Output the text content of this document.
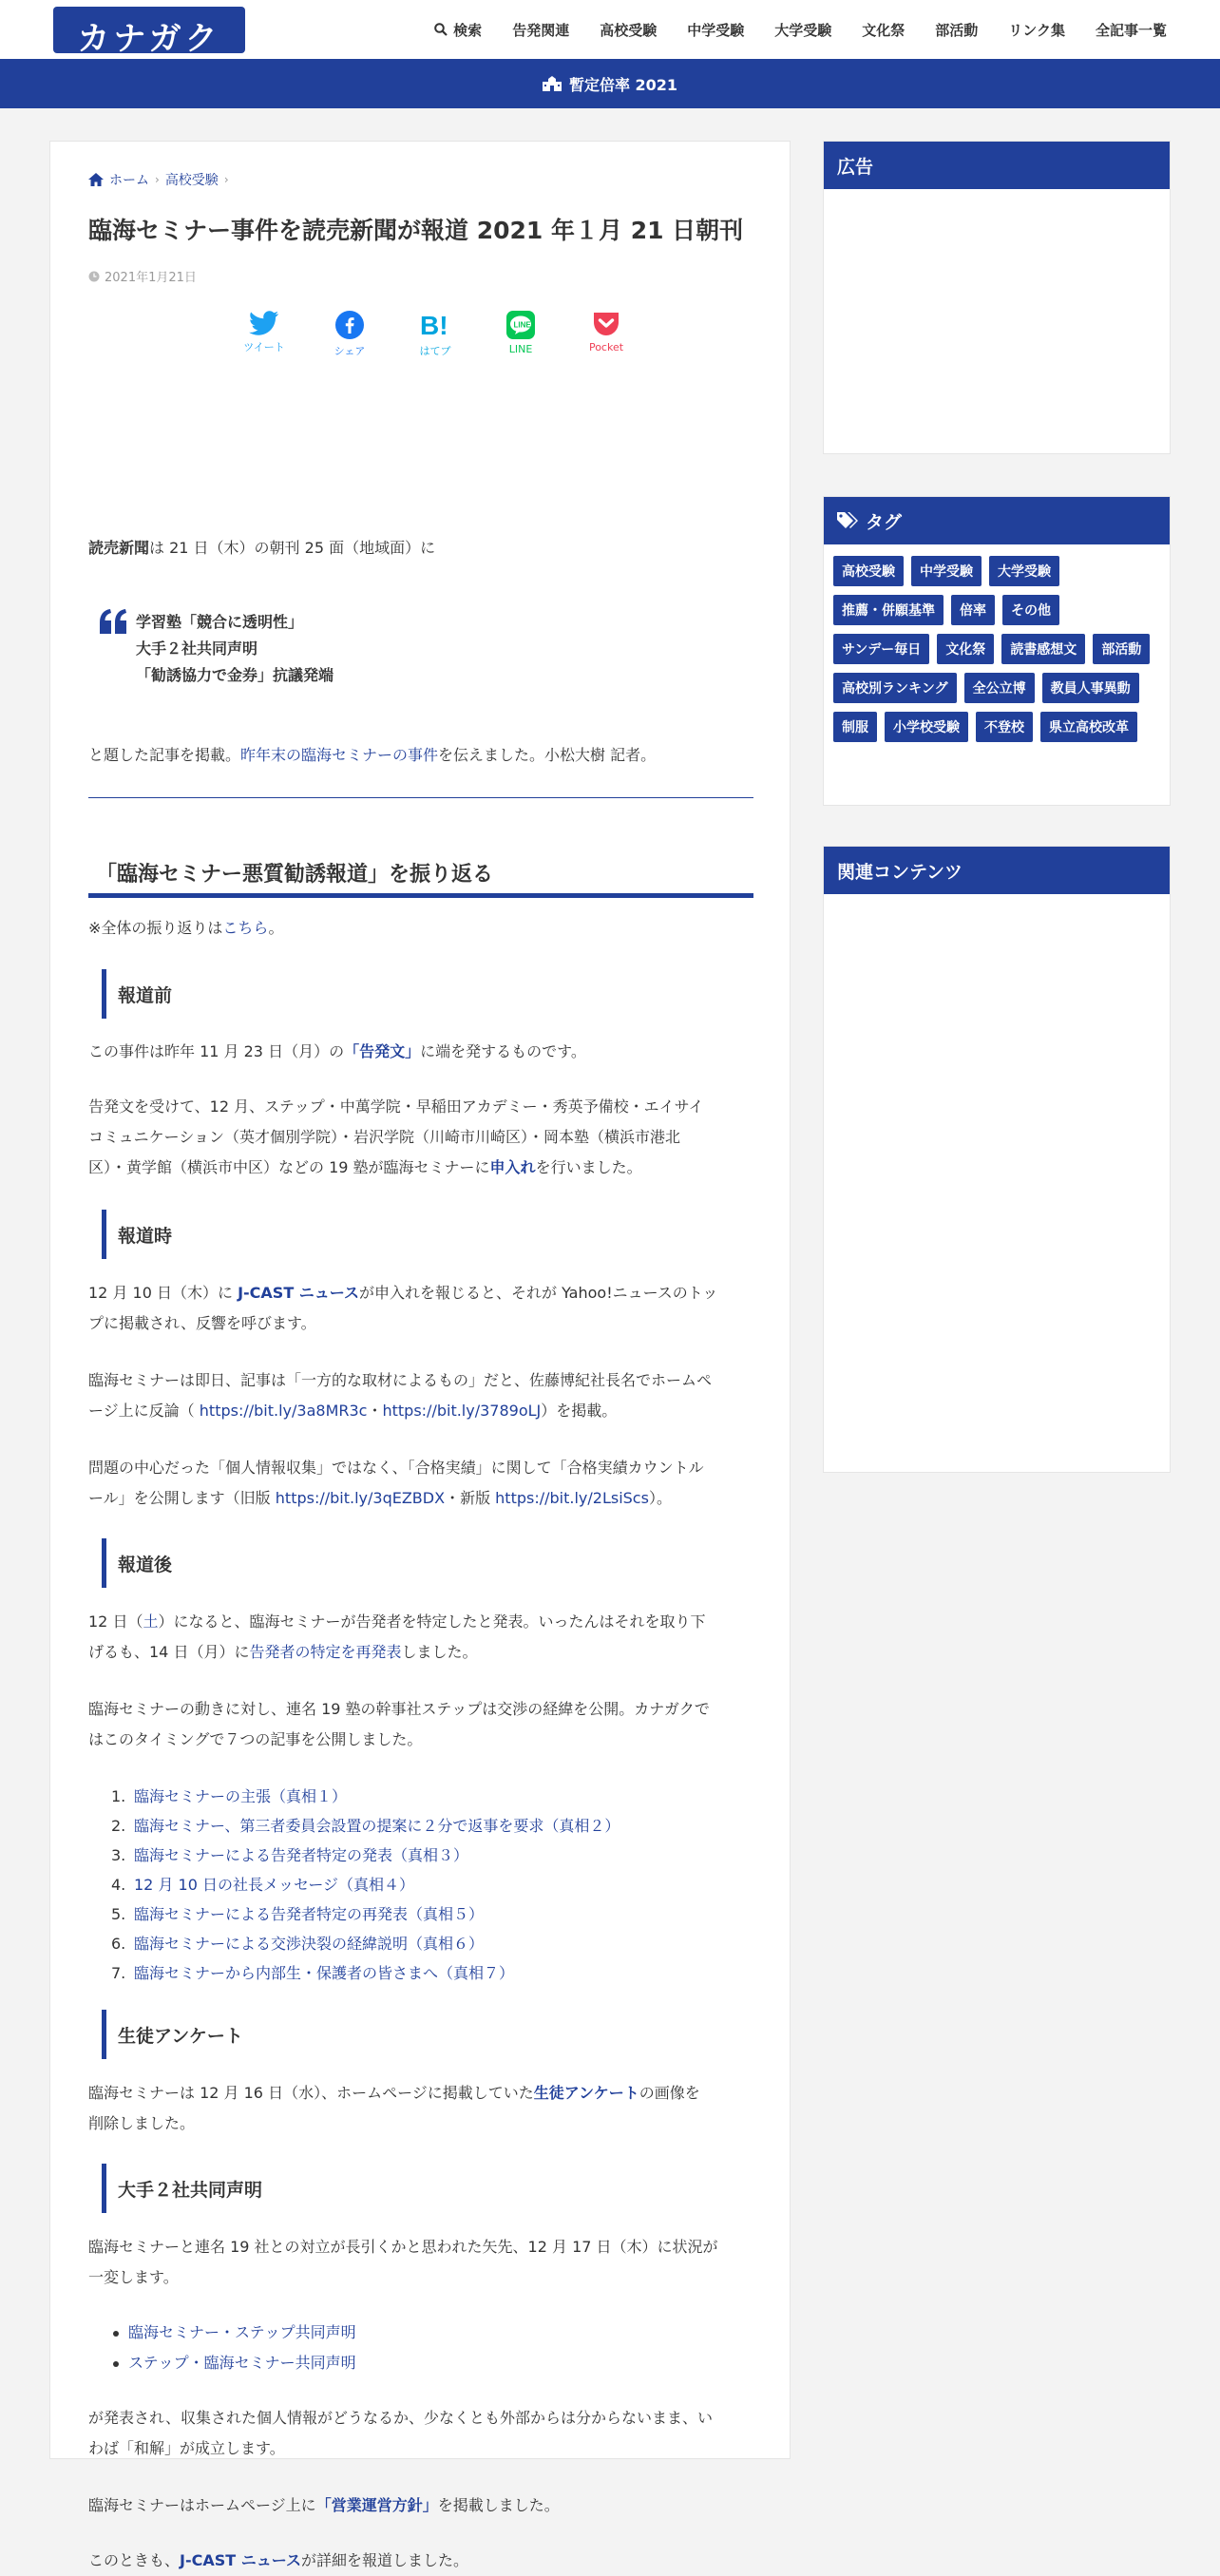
カナガク	検索	告発関連	高校受験	中学受験	大学受験	文化祭	部活動	リンク集	全記事一覧
暫定倍率 2021
ホーム › 高校受験 ›
臨海セミナー事件を読売新聞が報道 2021 年１月 21 日朝刊
2021年1月21日
ツイート	シェア
B!
はてブ
LINE
LINE	Pocket

読売新聞は 21 日（木）の朝刊 25 面（地域面）に

学習塾「競合に透明性」
大手２社共同声明
「勧誘協力で金券」抗議発端

と題した記事を掲載。昨年末の臨海セミナーの事件を伝えました。小松大樹 記者。

「臨海セミナー悪質勧誘報道」を振り返る

※全体の振り返りはこちら。

報道前

この事件は昨年 11 月 23 日（月）の「告発文」に端を発するものです。

告発文を受けて、12 月、ステップ・中萬学院・早稲田アカデミー・秀英予備校・エイサイ
コミュニケーション（英才個別学院）・岩沢学院（川崎市川崎区）・岡本塾（横浜市港北
区）・黄学館（横浜市中区）などの 19 塾が臨海セミナーに申入れを行いました。

報道時

12 月 10 日（木）に J-CAST ニュースが申入れを報じると、それが Yahoo!ニュースのトッ
プに掲載され、反響を呼びます。

臨海セミナーは即日、記事は「一方的な取材によるもの」だと、佐藤博紀社長名でホームペ
ージ上に反論（ https://bit.ly/3a8MR3c・https://bit.ly/3789oLJ）を掲載。

問題の中心だった「個人情報収集」ではなく、「合格実績」に関して「合格実績カウントル
ール」を公開します（旧版 https://bit.ly/3qEZBDX・新版 https://bit.ly/2LsiScs）。

報道後

12 日（土）になると、臨海セミナーが告発者を特定したと発表。いったんはそれを取り下
げるも、14 日（月）に告発者の特定を再発表しました。

臨海セミナーの動きに対し、連名 19 塾の幹事社ステップは交渉の経緯を公開。カナガクで
はこのタイミングで７つの記事を公開しました。

1. 臨海セミナーの主張（真相１）
2. 臨海セミナー、第三者委員会設置の提案に２分で返事を要求（真相２）
3. 臨海セミナーによる告発者特定の発表（真相３）
4. 12 月 10 日の社長メッセージ（真相４）
5. 臨海セミナーによる告発者特定の再発表（真相５）
6. 臨海セミナーによる交渉決裂の経緯説明（真相６）
7. 臨海セミナーから内部生・保護者の皆さまへ（真相７）
生徒アンケート

臨海セミナーは 12 月 16 日（水）、ホームページに掲載していた生徒アンケートの画像を
削除しました。

大手２社共同声明

臨海セミナーと連名 19 社との対立が長引くかと思われた矢先、12 月 17 日（木）に状況が
一変します。

臨海セミナー・ステップ共同声明
ステップ・臨海セミナー共同声明

が発表され、収集された個人情報がどうなるか、少なくとも外部からは分からないまま、い
わば「和解」が成立します。

臨海セミナーはホームページ上に「営業運営方針」を掲載しました。

このときも、J-CAST ニュースが詳細を報道しました。

広告
タグ
高校受験	中学受験	大学受験
推薦・併願基準	倍率	その他
サンデー毎日	文化祭	読書感想文	部活動
高校別ランキング	全公立博	教員人事異動
制服	小学校受験	不登校	県立高校改革
関連コンテンツ
